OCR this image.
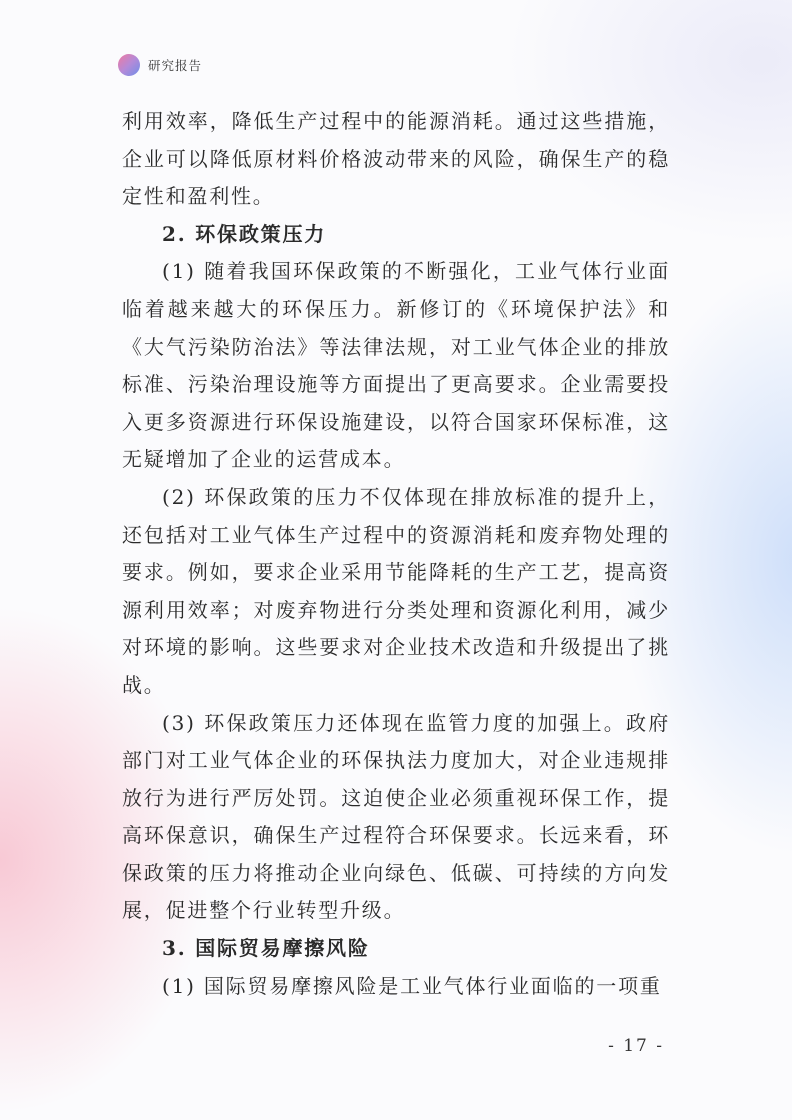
研究报告

利用效率，降低生产过程中的能源消耗。通过这些措施，企业可以降低原材料价格波动带来的风险，确保生产的稳定性和盈利性。

2. 环保政策压力

(1) 随着我国环保政策的不断强化，工业气体行业面临着越来越大的环保压力。新修订的《环境保护法》和《大气污染防治法》等法律法规，对工业气体企业的排放标准、污染治理设施等方面提出了更高要求。企业需要投入更多资源进行环保设施建设，以符合国家环保标准，这无疑增加了企业的运营成本。

(2) 环保政策的压力不仅体现在排放标准的提升上，还包括对工业气体生产过程中的资源消耗和废弃物处理的要求。例如，要求企业采用节能降耗的生产工艺，提高资源利用效率；对废弃物进行分类处理和资源化利用，减少对环境的影响。这些要求对企业技术改造和升级提出了挑战。

(3) 环保政策压力还体现在监管力度的加强上。政府部门对工业气体企业的环保执法力度加大，对企业违规排放行为进行严厉处罚。这迫使企业必须重视环保工作，提高环保意识，确保生产过程符合环保要求。长远来看，环保政策的压力将推动企业向绿色、低碳、可持续的方向发展，促进整个行业转型升级。

3. 国际贸易摩擦风险

(1) 国际贸易摩擦风险是工业气体行业面临的一项重

- 17 -
